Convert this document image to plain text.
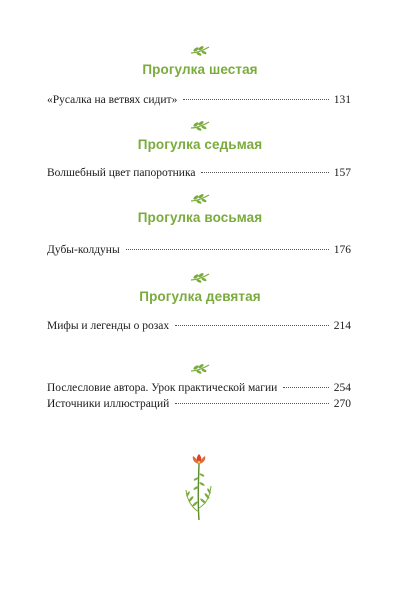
Прогулка шестая
«Русалка на ветвях сидит»	131
Прогулка седьмая
Волшебный цвет папоротника	157
Прогулка восьмая
Дубы-колдуны	176
Прогулка девятая
Мифы и легенды о розах	214
Послесловие автора. Урок практической магии	254
Источники иллюстраций	270
